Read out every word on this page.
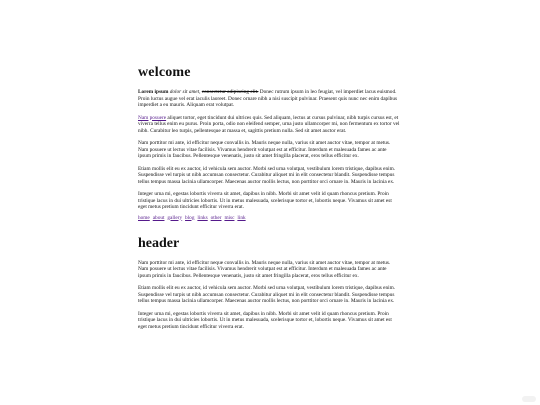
welcome

Lorem ipsum dolor sit amet, consectetur adipiscing elit. Donec rutrum ipsum in leo feugiat, vel imperdiet lacus euismod. Proin luctus augue vel erat iaculis laoreet. Donec ornare nibh a nisi suscipit pulvinar. Praesent quis nunc nec enim dapibus imperdiet a eu mauris. Aliquam erat volutpat.

Nam posuere aliquet tortor, eget tincidunt dui ultrices quis. Sed aliquam, lectus at cursus pulvinar, nibh turpis cursus est, et viverra tellus enim eu purus. Proin porta, odio non eleifend semper, urna justo ullamcorper mi, non fermentum ex tortor vel nibh. Curabitur leo turpis, pellentesque at massa et, sagittis pretium nulla. Sed sit amet auctor erat.

Nam porttitor mi ante, id efficitur neque convallis in. Mauris neque nulla, varius sit amet auctor vitae, tempor at metus. Nam posuere ut lectus vitae facilisis. Vivamus hendrerit volutpat est at efficitur. Interdum et malesuada fames ac ante ipsum primis in faucibus. Pellentesque venenatis, justo sit amet fringilla placerat, eros tellus efficitur ex.

Etiam mollis elit eu ex auctor, id vehicula sem auctor. Morbi sed urna volutpat, vestibulum lorem tristique, dapibus enim. Suspendisse vel turpis ut nibh accumsan consectetur. Curabitur aliquet mi in elit consectetur blandit. Suspendisse tempus tellus tempus massa lacinia ullamcorper. Maecenas auctor mollis lectus, non porttitor orci ornare in. Mauris in lacinia ex.

Integer urna mi, egestas lobortis viverra sit amet, dapibus in nibh. Morbi sit amet velit id quam rhoncus pretium. Proin tristique lacus in dui ultricies lobortis. Ut in metus malesuada, scelerisque tortor et, lobortis neque. Vivamus sit amet est eget metus pretium tincidunt efficitur viverra erat.

home about gallery blog links other misc link
header

Nam porttitor mi ante, id efficitur neque convallis in. Mauris neque nulla, varius sit amet auctor vitae, tempor at metus. Nam posuere ut lectus vitae facilisis. Vivamus hendrerit volutpat est at efficitur. Interdum et malesuada fames ac ante ipsum primis in faucibus. Pellentesque venenatis, justo sit amet fringilla placerat, eros tellus efficitur ex.

Etiam mollis elit eu ex auctor, id vehicula sem auctor. Morbi sed urna volutpat, vestibulum lorem tristique, dapibus enim. Suspendisse vel turpis ut nibh accumsan consectetur. Curabitur aliquet mi in elit consectetur blandit. Suspendisse tempus tellus tempus massa lacinia ullamcorper. Maecenas auctor mollis lectus, non porttitor orci ornare in. Mauris in lacinia ex.

Integer urna mi, egestas lobortis viverra sit amet, dapibus in nibh. Morbi sit amet velit id quam rhoncus pretium. Proin tristique lacus in dui ultricies lobortis. Ut in metus malesuada, scelerisque tortor et, lobortis neque. Vivamus sit amet est eget metus pretium tincidunt efficitur viverra erat.
